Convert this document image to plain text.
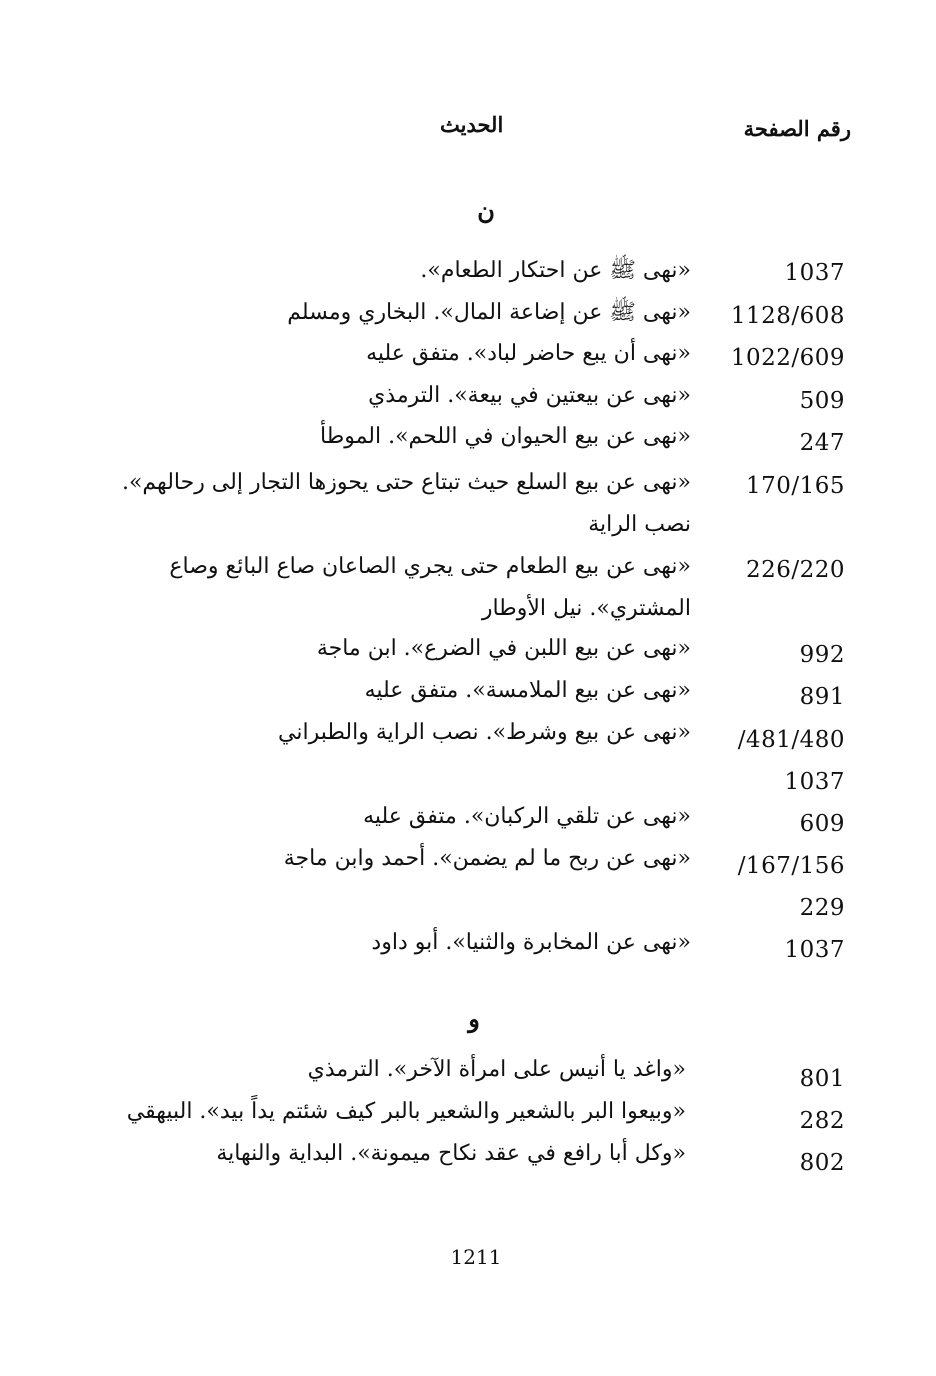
رقم الصفحة
الحديث
ن
1037
«نهى ﷺ عن احتكار الطعام».
1128/608
«نهى ﷺ عن إضاعة المال». البخاري ومسلم
1022/609
«نهى أن يبع حاضر لباد». متفق عليه
509
«نهى عن بيعتين في بيعة». الترمذي
247
«نهى عن بيع الحيوان في اللحم». الموطأ
170/165
«نهى عن بيع السلع حيث تبتاع حتى يحوزها التجار إلى رحالهم». نصب الراية
226/220
«نهى عن بيع الطعام حتى يجري الصاعان صاع البائع وصاع المشتري». نيل الأوطار
992
«نهى عن بيع اللبن في الضرع». ابن ماجة
891
«نهى عن بيع الملامسة». متفق عليه
/481/480
«نهى عن بيع وشرط». نصب الراية والطبراني
1037
609
«نهى عن تلقي الركبان». متفق عليه
/167/156
«نهى عن ربح ما لم يضمن». أحمد وابن ماجة
229
1037
«نهى عن المخابرة والثنيا». أبو داود
و
801
«واغد يا أنيس على امرأة الآخر». الترمذي
282
«وبيعوا البر بالشعير والشعير بالبر كيف شئتم يداً بيد». البيهقي
802
«وكل أبا رافع في عقد نكاح ميمونة». البداية والنهاية
1211
